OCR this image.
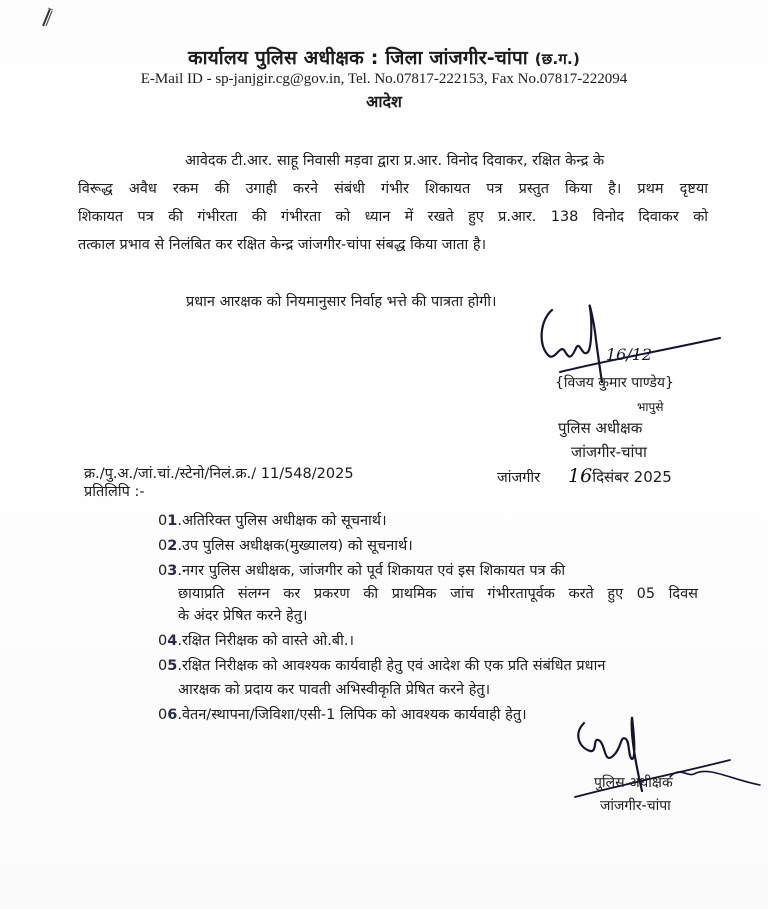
कार्यालय पुलिस अधीक्षक : जिला जांजगीर-चांपा (छ.ग.)
E-Mail ID - sp-janjgir.cg@gov.in, Tel. No.07817-222153, Fax No.07817-222094
आदेश
आवेदक टी.आर. साहू निवासी मड़वा द्वारा प्र.आर. विनोद दिवाकर, रक्षित केन्द्र के
विरूद्ध अवैध रकम की उगाही करने संबंधी गंभीर शिकायत पत्र प्रस्तुत किया है। प्रथम दृष्टया
शिकायत पत्र की गंभीरता की गंभीरता को ध्यान में रखते हुए प्र.आर. 138 विनोद दिवाकर को
तत्काल प्रभाव से निलंबित कर रक्षित केन्द्र जांजगीर-चांपा संबद्ध किया जाता है।
प्रधान आरक्षक को नियमानुसार निर्वाह भत्ते की पात्रता होगी।
16/12
{विजय कुमार पाण्डेय}
भापुसे
पुलिस अधीक्षक
जांजगीर-चांपा
क्र./पु.अ./जां.चां./स्टेनो/निलं.क्र./ 11/548/2025	जांजगीर 16दिसंबर 2025
प्रतिलिपि :-
01.अतिरिक्त पुलिस अधीक्षक को सूचनार्थ।
02.उप पुलिस अधीक्षक(मुख्यालय) को सूचनार्थ।
03.नगर पुलिस अधीक्षक, जांजगीर को पूर्व शिकायत एवं इस शिकायत पत्र की
छायाप्रति संलग्न कर प्रकरण की प्राथमिक जांच गंभीरतापूर्वक करते हुए 05 दिवस
के अंदर प्रेषित करने हेतु।
04.रक्षित निरीक्षक को वास्ते ओ.बी.।
05.रक्षित निरीक्षक को आवश्यक कार्यवाही हेतु एवं आदेश की एक प्रति संबंधित प्रधान
आरक्षक को प्रदाय कर पावती अभिस्वीकृति प्रेषित करने हेतु।
06.वेतन/स्थापना/जिविशा/एसी-1 लिपिक को आवश्यक कार्यवाही हेतु।
पुलिस अधीक्षक
जांजगीर-चांपा
